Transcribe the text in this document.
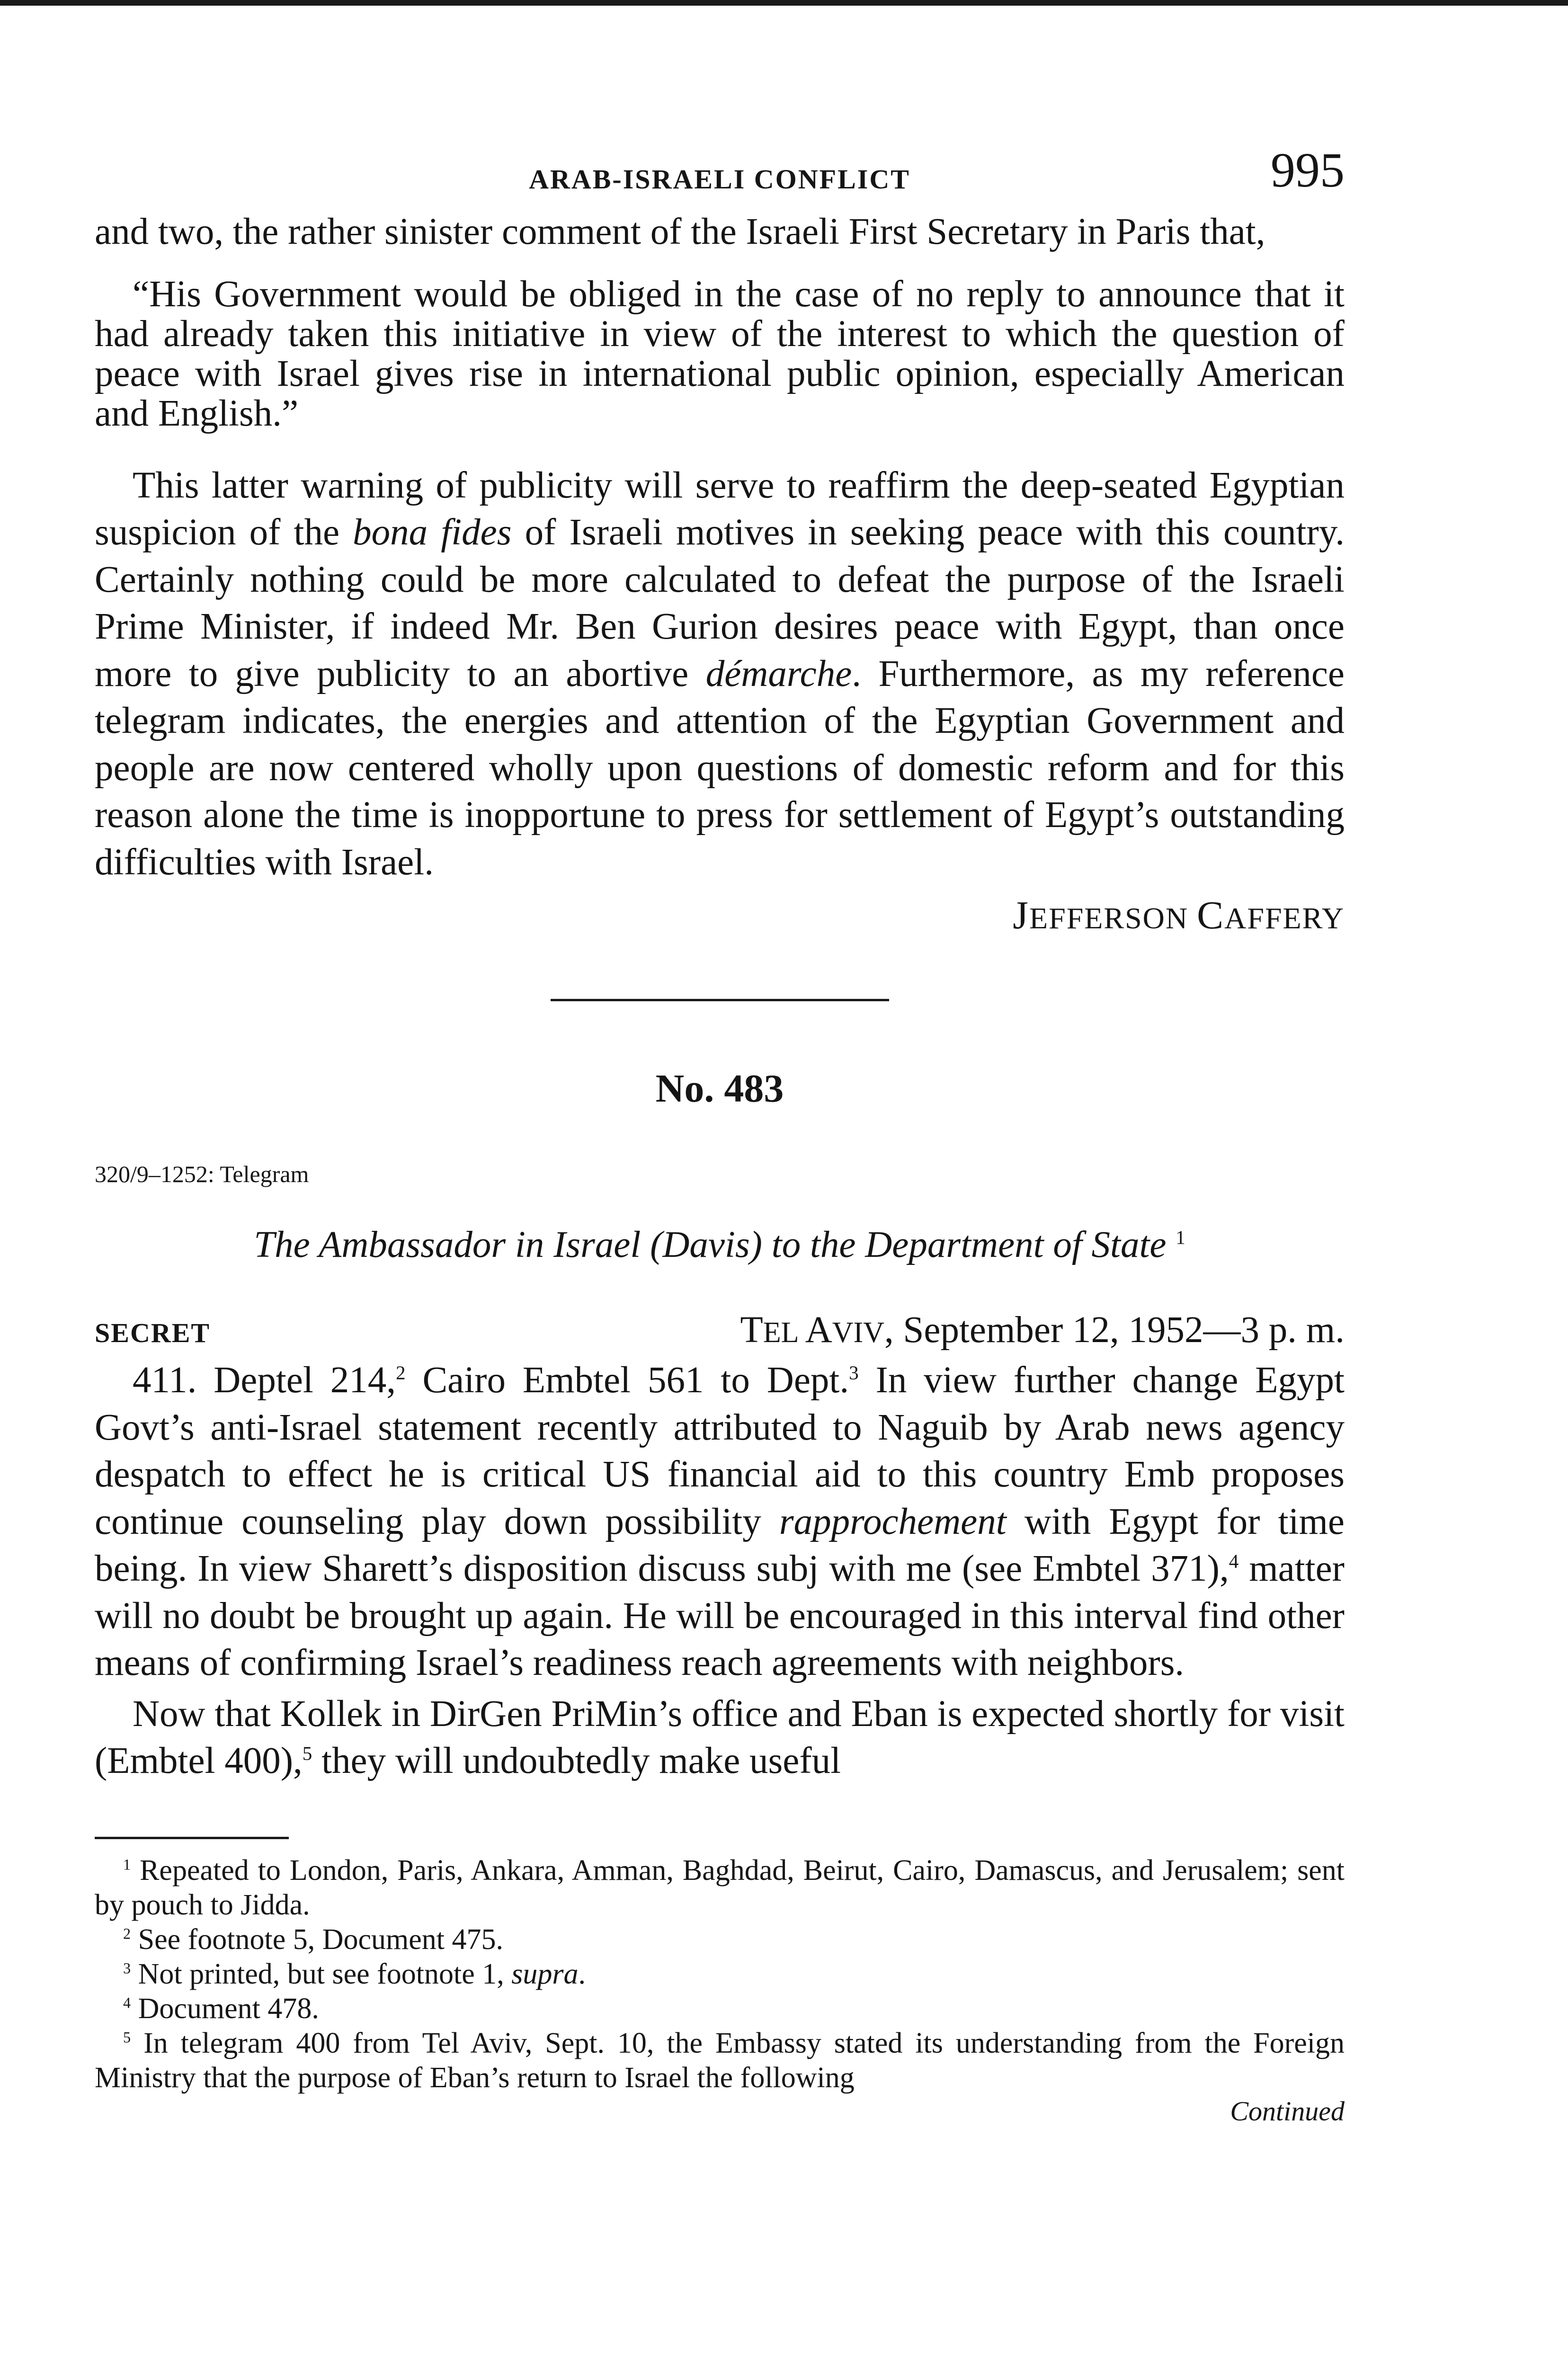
ARAB-ISRAELI CONFLICT	995

and two, the rather sinister comment of the Israeli First Secretary in Paris that,

“His Government would be obliged in the case of no reply to announce that it had already taken this initiative in view of the interest to which the question of peace with Israel gives rise in international public opinion, especially American and English.”

This latter warning of publicity will serve to reaffirm the deep-seated Egyptian suspicion of the bona fides of Israeli motives in seeking peace with this country. Certainly nothing could be more calculated to defeat the purpose of the Israeli Prime Minister, if indeed Mr. Ben Gurion desires peace with Egypt, than once more to give publicity to an abortive démarche. Furthermore, as my reference telegram indicates, the energies and attention of the Egyptian Government and people are now centered wholly upon questions of domestic reform and for this reason alone the time is inopportune to press for settlement of Egypt’s outstanding difficulties with Israel.

JEFFERSON CAFFERY
No. 483
320/9–1252: Telegram
The Ambassador in Israel (Davis) to the Department of State $^1$
SECRET	TEL AVIV, September 12, 1952—3 p. m.

411. Deptel 214,$^2$ Cairo Embtel 561 to Dept.$^3$ In view further change Egypt Govt’s anti-Israel statement recently attributed to Naguib by Arab news agency despatch to effect he is critical US financial aid to this country Emb proposes continue counseling play down possibility rapprochement with Egypt for time being. In view Sharett’s disposition discuss subj with me (see Embtel 371),$^4$ matter will no doubt be brought up again. He will be encouraged in this interval find other means of confirming Israel’s readiness reach agreements with neighbors.

Now that Kollek in DirGen PriMin’s office and Eban is expected shortly for visit (Embtel 400),$^5$ they will undoubtedly make useful

$^1$ Repeated to London, Paris, Ankara, Amman, Baghdad, Beirut, Cairo, Damascus, and Jerusalem; sent by pouch to Jidda.

$^2$ See footnote 5, Document 475.

$^3$ Not printed, but see footnote 1, supra.

$^4$ Document 478.

$^5$ In telegram 400 from Tel Aviv, Sept. 10, the Embassy stated its understanding from the Foreign Ministry that the purpose of Eban’s return to Israel the following

Continued
